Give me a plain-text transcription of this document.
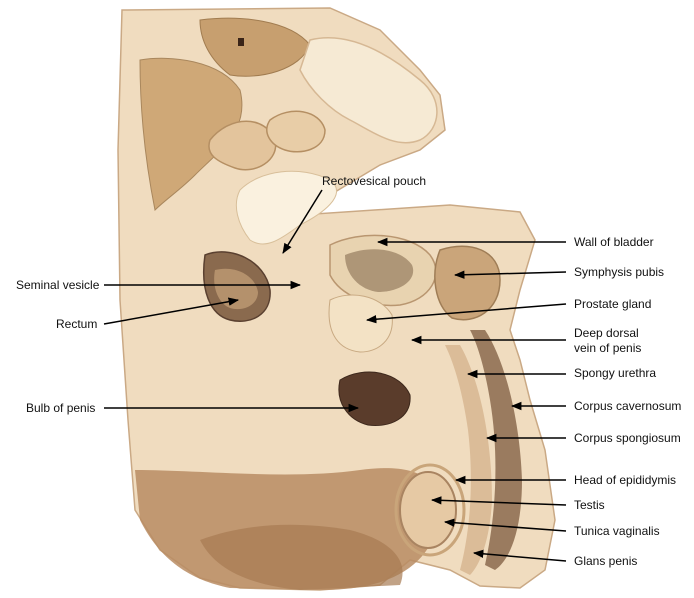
Rectovesical pouch
Wall of bladder
Symphysis pubis
Seminal vesicle
Prostate gland
Rectum
Deep dorsal
vein of penis
Spongy urethra
Bulb of penis	Corpus cavernosum
Corpus spongiosum
Head of epididymis
Testis
Tunica vaginalis
Glans penis
